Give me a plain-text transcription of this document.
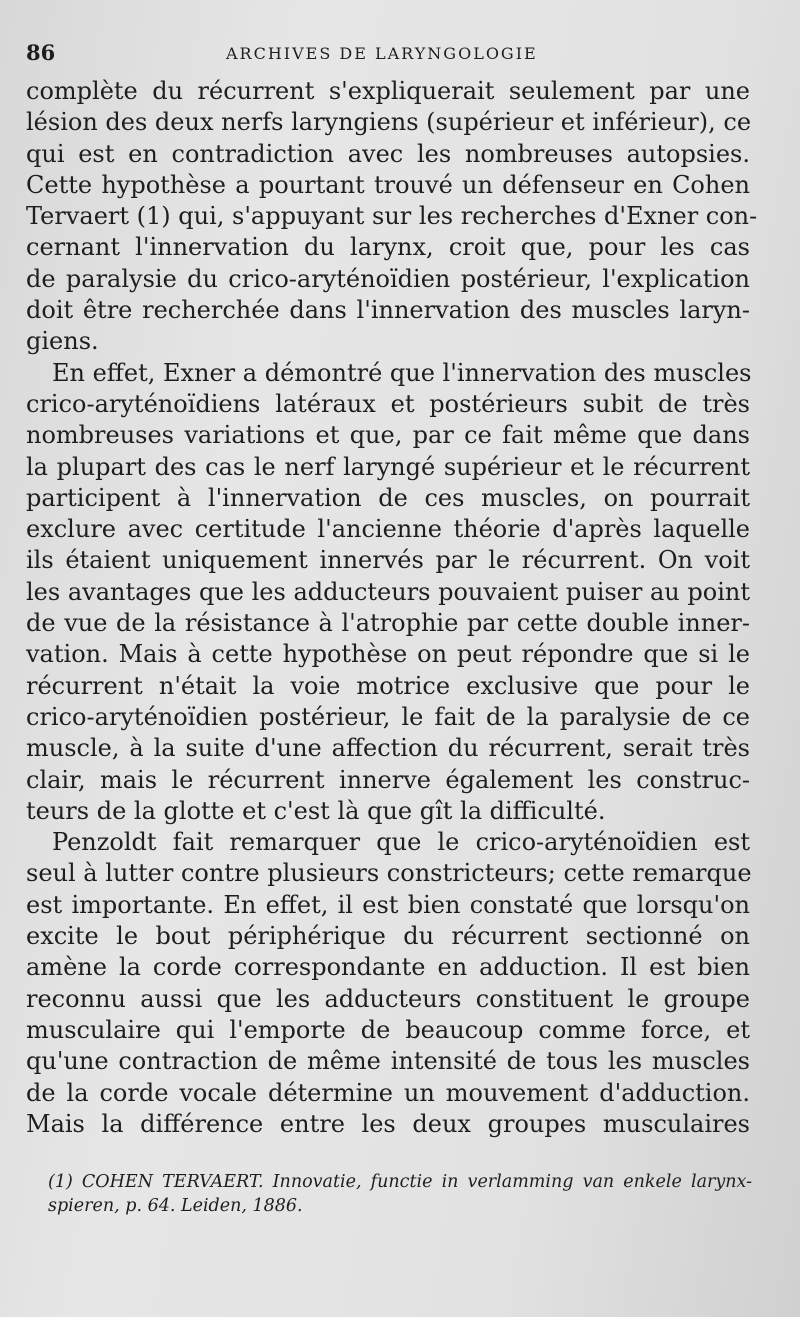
86	ARCHIVES DE LARYNGOLOGIE

complète du récurrent s'expliquerait seulement par une

lésion des deux nerfs laryngiens (supérieur et inférieur), ce

qui est en contradiction avec les nombreuses autopsies.

Cette hypothèse a pourtant trouvé un défenseur en Cohen

Tervaert (1) qui, s'appuyant sur les recherches d'Exner con-

cernant l'innervation du larynx, croit que, pour les cas

de paralysie du crico-aryténoïdien postérieur, l'explication

doit être recherchée dans l'innervation des muscles laryn-

giens.

En effet, Exner a démontré que l'innervation des muscles

crico-aryténoïdiens latéraux et postérieurs subit de très

nombreuses variations et que, par ce fait même que dans

la plupart des cas le nerf laryngé supérieur et le récurrent

participent à l'innervation de ces muscles, on pourrait

exclure avec certitude l'ancienne théorie d'après laquelle

ils étaient uniquement innervés par le récurrent. On voit

les avantages que les adducteurs pouvaient puiser au point

de vue de la résistance à l'atrophie par cette double inner-

vation. Mais à cette hypothèse on peut répondre que si le

récurrent n'était la voie motrice exclusive que pour le

crico-aryténoïdien postérieur, le fait de la paralysie de ce

muscle, à la suite d'une affection du récurrent, serait très

clair, mais le récurrent innerve également les construc-

teurs de la glotte et c'est là que gît la difficulté.

Penzoldt fait remarquer que le crico-aryténoïdien est

seul à lutter contre plusieurs constricteurs; cette remarque

est importante. En effet, il est bien constaté que lorsqu'on

excite le bout périphérique du récurrent sectionné on

amène la corde correspondante en adduction. Il est bien

reconnu aussi que les adducteurs constituent le groupe

musculaire qui l'emporte de beaucoup comme force, et

qu'une contraction de même intensité de tous les muscles

de la corde vocale détermine un mouvement d'adduction.

Mais la différence entre les deux groupes musculaires

(1) COHEN TERVAERT. Innovatie, functie in verlamming van enkele larynx-

spieren, p. 64. Leiden, 1886.
